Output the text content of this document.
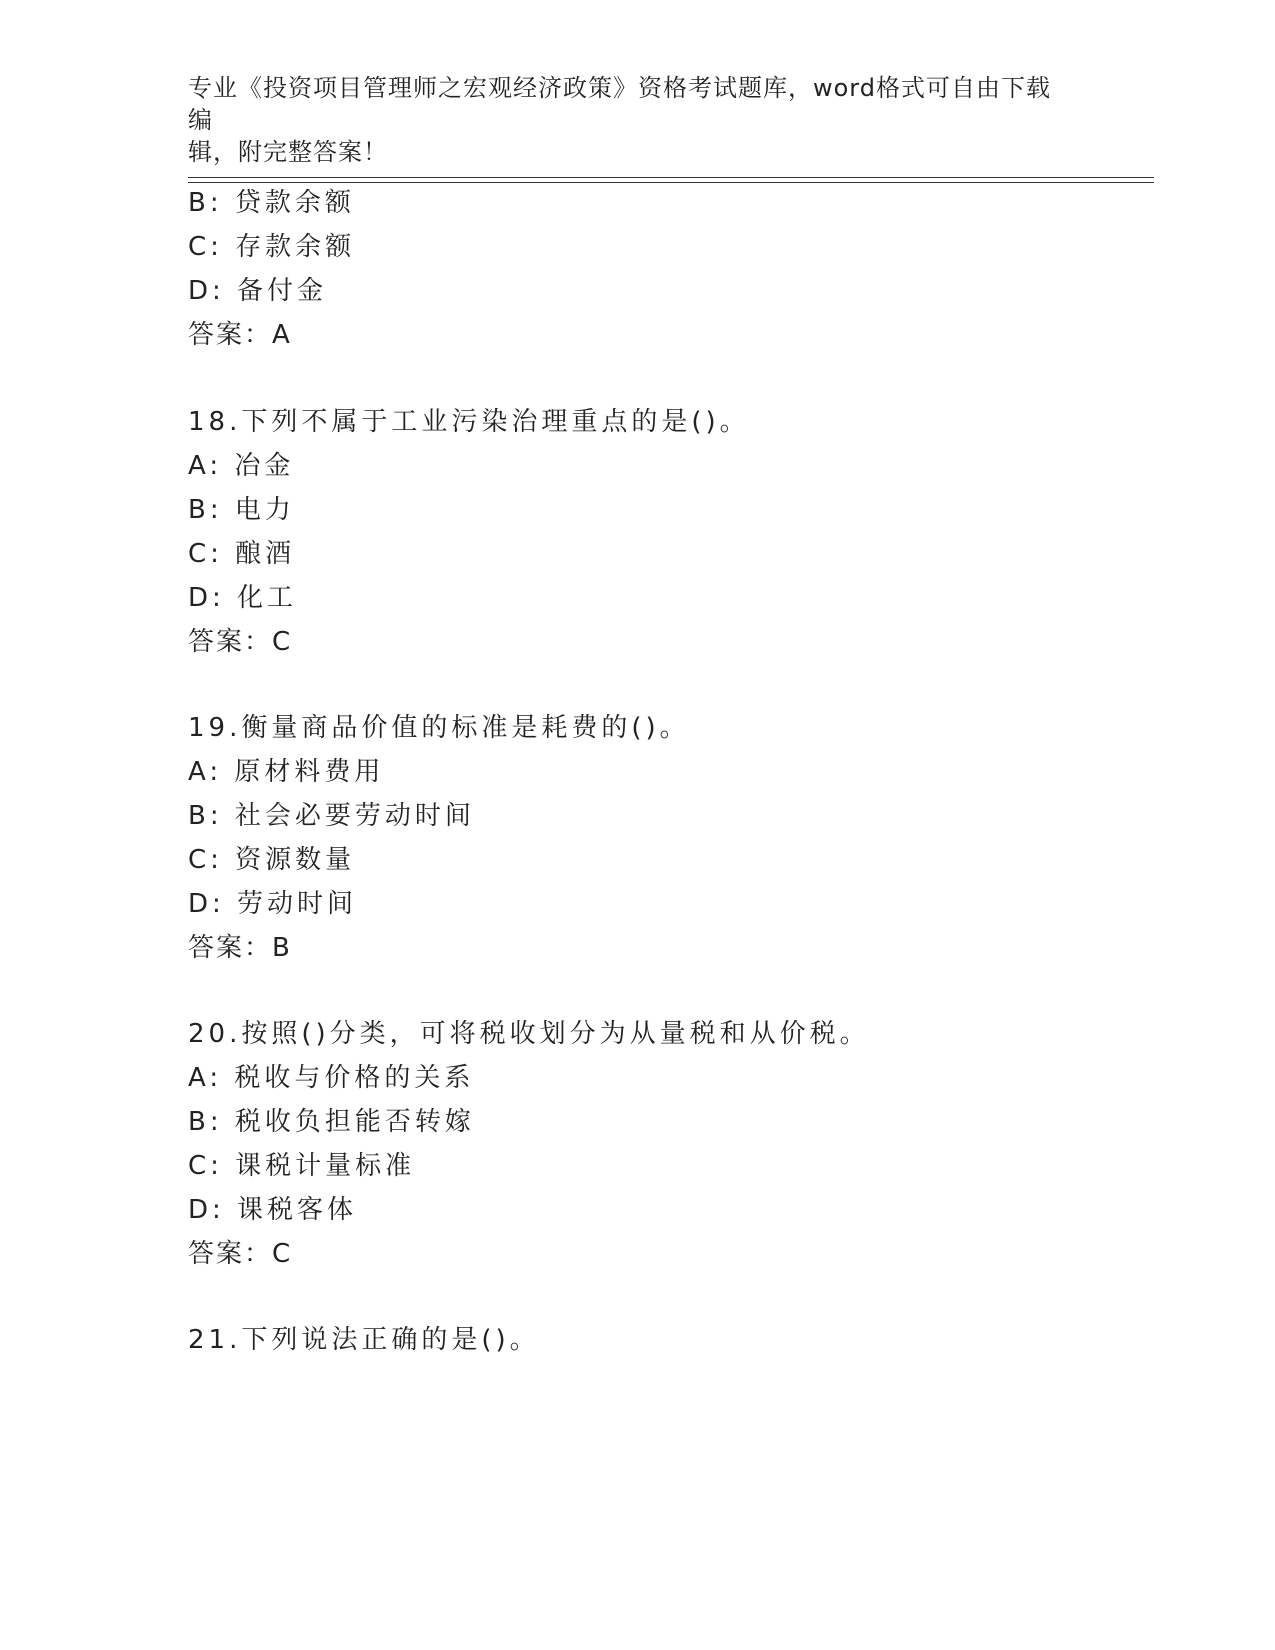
专业《投资项目管理师之宏观经济政策》资格考试题库，word格式可自由下载编
辑，附完整答案！
B: 贷款余额
C: 存款余额
D: 备付金
答案：A
18.下列不属于工业污染治理重点的是()。
A: 冶金
B: 电力
C: 酿酒
D: 化工
答案：C
19.衡量商品价值的标准是耗费的()。
A: 原材料费用
B: 社会必要劳动时间
C: 资源数量
D: 劳动时间
答案：B
20.按照()分类，可将税收划分为从量税和从价税。
A: 税收与价格的关系
B: 税收负担能否转嫁
C: 课税计量标准
D: 课税客体
答案：C
21.下列说法正确的是()。
